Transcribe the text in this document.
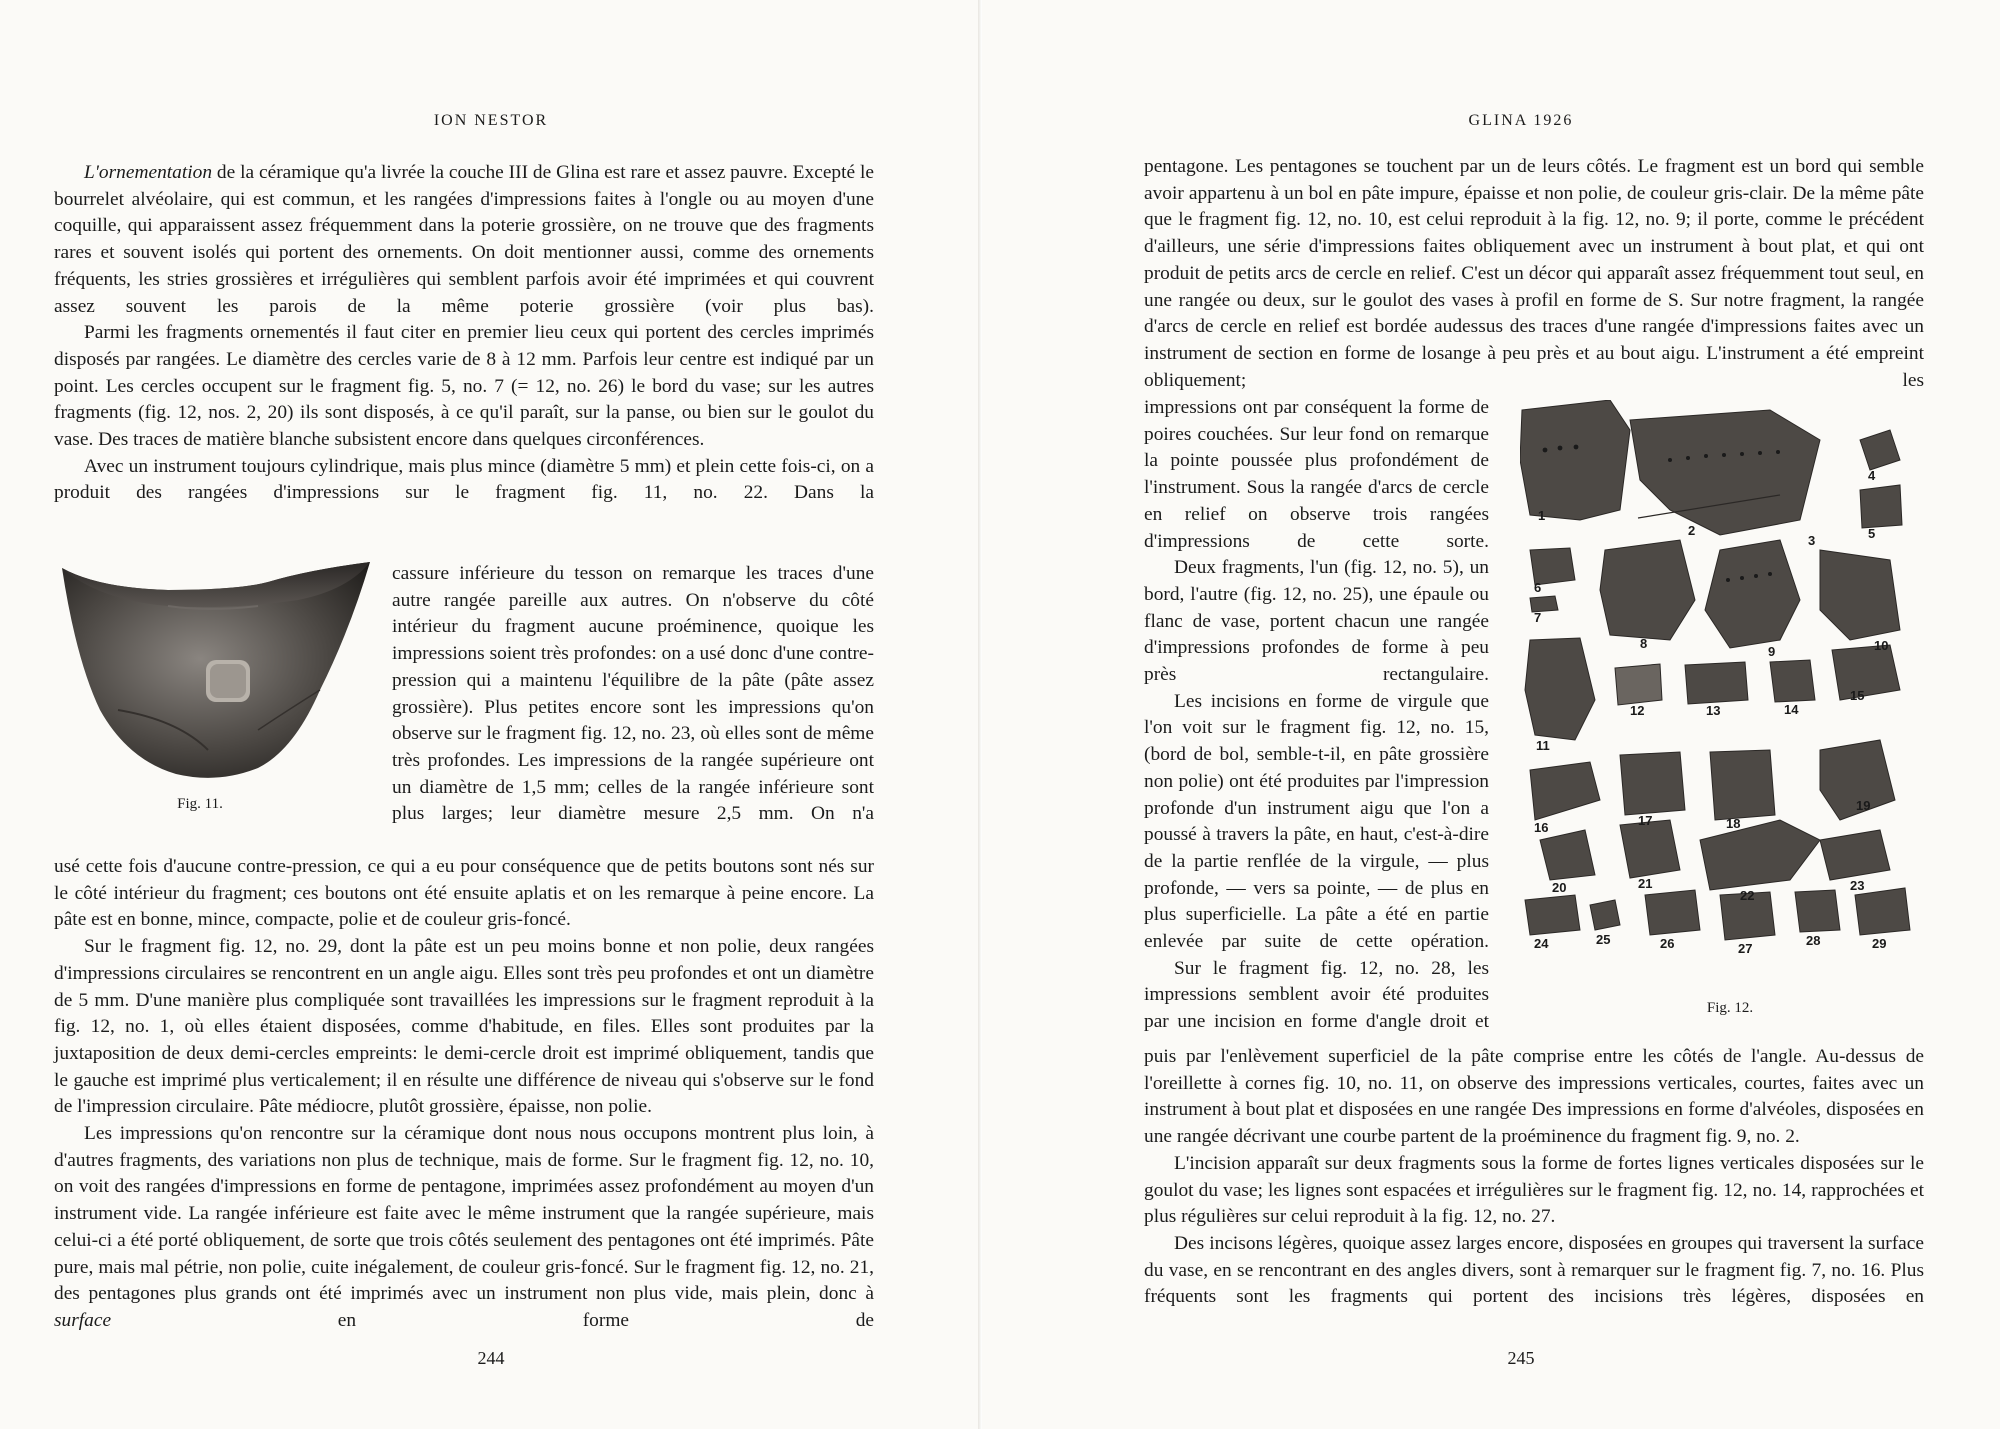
ION NESTOR

L'ornementation de la céramique qu'a livrée la couche III de Glina est rare et assez pauvre. Excepté le bourrelet alvéolaire, qui est commun, et les rangées d'impressions faites à l'ongle ou au moyen d'une coquille, qui apparaissent assez fréquemment dans la poterie grossière, on ne trouve que des fragments rares et souvent isolés qui portent des ornements. On doit mentionner aussi, comme des ornements fréquents, les stries grossières et irrégulières qui semblent parfois avoir été imprimées et qui couvrent assez souvent les parois de la même poterie grossière (voir plus bas).

Parmi les fragments ornementés il faut citer en premier lieu ceux qui portent des cercles imprimés disposés par rangées. Le diamètre des cercles varie de 8 à 12 mm. Parfois leur centre est indiqué par un point. Les cercles occupent sur le fragment fig. 5, no. 7 (= 12, no. 26) le bord du vase; sur les autres fragments (fig. 12, nos. 2, 20) ils sont disposés, à ce qu'il paraît, sur la panse, ou bien sur le goulot du vase. Des traces de matière blanche subsistent encore dans quelques circonférences.

Avec un instrument toujours cylindrique, mais plus mince (diamètre 5 mm) et plein cette fois-ci, on a produit des rangées d'impressions sur le fragment fig. 11, no. 22. Dans la

Fig. 11.

cassure inférieure du tesson on remarque les traces d'une autre rangée pareille aux autres. On n'observe du côté intérieur du fragment aucune proéminence, quoique les impressions soient très profondes: on a usé donc d'une contre-pression qui a maintenu l'équilibre de la pâte (pâte assez grossière). Plus petites encore sont les impressions qu'on observe sur le fragment fig. 12, no. 23, où elles sont de même très profondes. Les impressions de la rangée supérieure ont un diamètre de 1,5 mm; celles de la rangée inférieure sont plus larges; leur diamètre mesure 2,5 mm. On n'a

usé cette fois d'aucune contre-pression, ce qui a eu pour conséquence que de petits boutons sont nés sur le côté intérieur du fragment; ces boutons ont été ensuite aplatis et on les remarque à peine encore. La pâte est en bonne, mince, compacte, polie et de couleur gris-foncé.

Sur le fragment fig. 12, no. 29, dont la pâte est un peu moins bonne et non polie, deux rangées d'impressions circulaires se rencontrent en un angle aigu. Elles sont très peu profondes et ont un diamètre de 5 mm. D'une manière plus compliquée sont travaillées les impressions sur le fragment reproduit à la fig. 12, no. 1, où elles étaient disposées, comme d'habitude, en files. Elles sont produites par la juxtaposition de deux demi-cercles empreints: le demi-cercle droit est imprimé obliquement, tandis que le gauche est imprimé plus verticalement; il en résulte une différence de niveau qui s'observe sur le fond de l'impression circulaire. Pâte médiocre, plutôt grossière, épaisse, non polie.

Les impressions qu'on rencontre sur la céramique dont nous nous occupons montrent plus loin, à d'autres fragments, des variations non plus de technique, mais de forme. Sur le fragment fig. 12, no. 10, on voit des rangées d'impressions en forme de pentagone, imprimées assez profondément au moyen d'un instrument vide. La rangée inférieure est faite avec le même instrument que la rangée supérieure, mais celui-ci a été porté obliquement, de sorte que trois côtés seulement des pentagones ont été imprimés. Pâte pure, mais mal pétrie, non polie, cuite inégalement, de couleur gris-foncé. Sur le fragment fig. 12, no. 21, des pentagones plus grands ont été imprimés avec un instrument non plus vide, mais plein, donc à surface en forme de

244
GLINA 1926

pentagone. Les pentagones se touchent par un de leurs côtés. Le fragment est un bord qui semble avoir appartenu à un bol en pâte impure, épaisse et non polie, de couleur gris-clair. De la même pâte que le fragment fig. 12, no. 10, est celui reproduit à la fig. 12, no. 9; il porte, comme le précédent d'ailleurs, une série d'impressions faites obliquement avec un instrument à bout plat, et qui ont produit de petits arcs de cercle en relief. C'est un décor qui apparaît assez fréquemment tout seul, en une rangée ou deux, sur le goulot des vases à profil en forme de S. Sur notre fragment, la rangée d'arcs de cercle en relief est bordée audessus des traces d'une rangée d'impressions faites avec un instrument de section en forme de losange à peu près et au bout aigu. L'instrument a été empreint obliquement; les

impressions ont par conséquent la forme de poires couchées. Sur leur fond on remarque la pointe poussée plus profondément de l'instrument. Sous la rangée d'arcs de cercle en relief on observe trois rangées d'impressions de cette sorte.

Deux fragments, l'un (fig. 12, no. 5), un bord, l'autre (fig. 12, no. 25), une épaule ou flanc de vase, portent chacun une rangée d'impressions profondes de forme à peu près rectangulaire.

Les incisions en forme de virgule que l'on voit sur le fragment fig. 12, no. 15, (bord de bol, semble-t-il, en pâte grossière non polie) ont été produites par l'impression profonde d'un instrument aigu que l'on a poussé à travers la pâte, en haut, c'est-à-dire de la partie renflée de la virgule, — plus profonde, — vers sa pointe, — de plus en plus superficielle. La pâte a été en partie enlevée par suite de cette opération.

Sur le fragment fig. 12, no. 28, les impressions semblent avoir été produites par une incision en forme d'angle droit et

puis par l'enlèvement superficiel de la pâte comprise entre les côtés de l'angle. Au-dessus de l'oreillette à cornes fig. 10, no. 11, on observe des impressions verticales, courtes, faites avec un instrument à bout plat et disposées en une rangée Des impressions en forme d'alvéoles, disposées en une rangée décrivant une courbe partent de la proéminence du fragment fig. 9, no. 2.

L'incision apparaît sur deux fragments sous la forme de fortes lignes verticales disposées sur le goulot du vase; les lignes sont espacées et irrégulières sur le fragment fig. 12, no. 14, rapprochées et plus régulières sur celui reproduit à la fig. 12, no. 27.

Des incisons légères, quoique assez larges encore, disposées en groupes qui traversent la surface du vase, en se rencontrant en des angles divers, sont à remarquer sur le fragment fig. 7, no. 16. Plus fréquents sont les fragments qui portent des incisions très légères, disposées en

245
1
2
3
4
5
6
7
8
9	10
11
12	13	14
15
16	17	18
19
20	21
22
23
24	25	26	27
28	29
Fig. 12.
